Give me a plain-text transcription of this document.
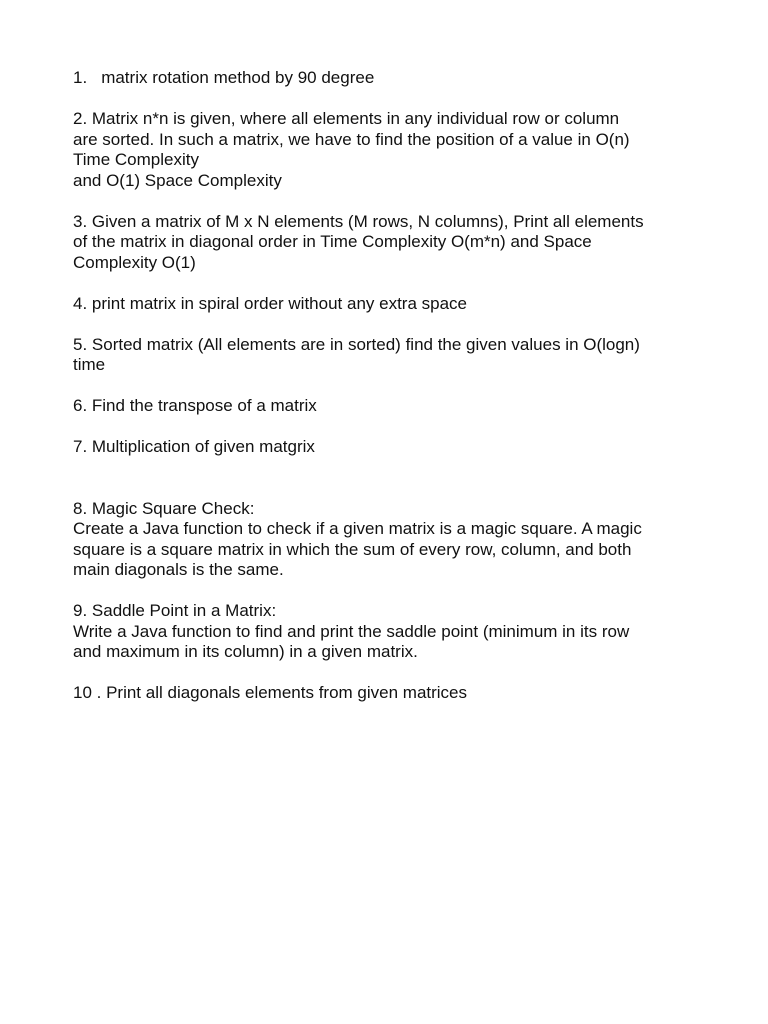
1. matrix rotation method by 90 degree

2. Matrix n*n is given, where all elements in any individual row or column
are sorted. In such a matrix, we have to find the position of a value in O(n)
Time Complexity
and O(1) Space Complexity

3. Given a matrix of M x N elements (M rows, N columns), Print all elements
of the matrix in diagonal order in Time Complexity O(m*n) and Space
Complexity O(1)

4. print matrix in spiral order without any extra space

5. Sorted matrix (All elements are in sorted) find the given values in O(logn)
time

6. Find the transpose of a matrix

7. Multiplication of given matgrix

8. Magic Square Check:
Create a Java function to check if a given matrix is a magic square. A magic
square is a square matrix in which the sum of every row, column, and both
main diagonals is the same.

9. Saddle Point in a Matrix:
Write a Java function to find and print the saddle point (minimum in its row
and maximum in its column) in a given matrix.

10 . Print all diagonals elements from given matrices
